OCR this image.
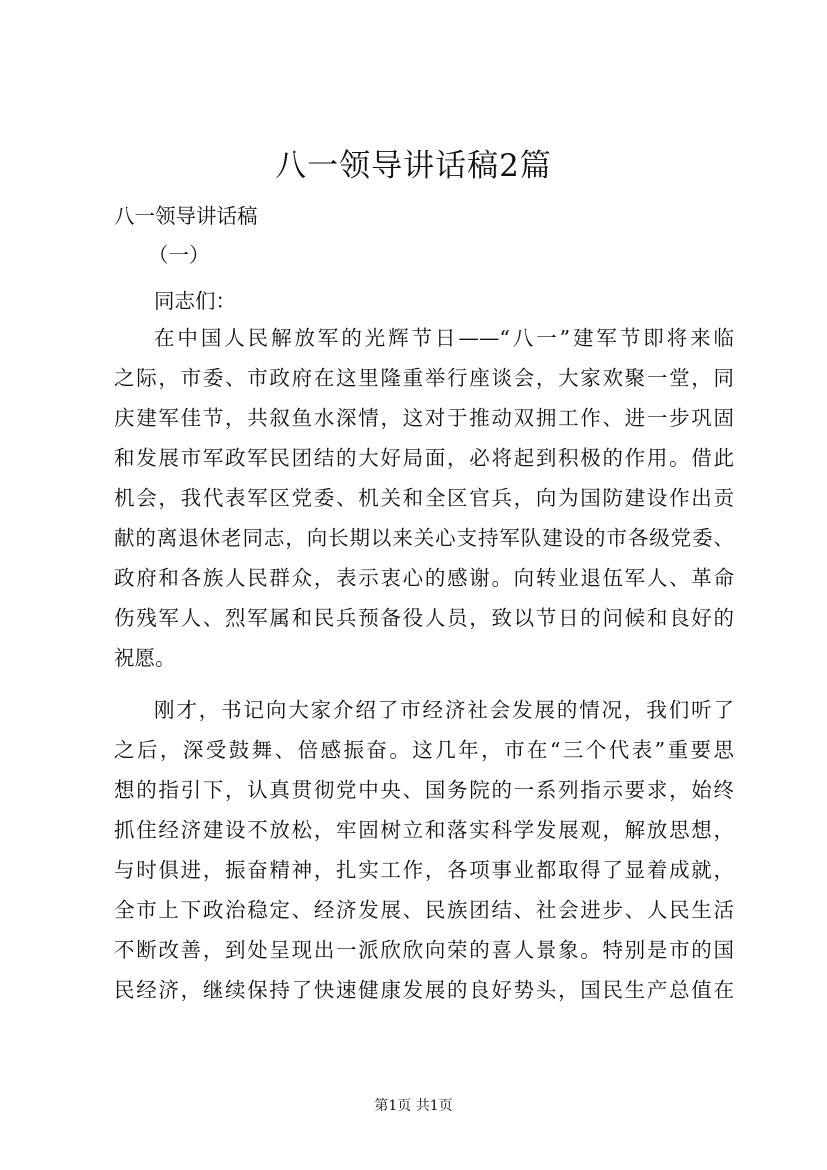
八一领导讲话稿2篇
八一领导讲话稿
（一）
同志们：
在中国人民解放军的光辉节日——“八一”建军节即将来临
之际，市委、市政府在这里隆重举行座谈会，大家欢聚一堂，同
庆建军佳节，共叙鱼水深情，这对于推动双拥工作、进一步巩固
和发展市军政军民团结的大好局面，必将起到积极的作用。借此
机会，我代表军区党委、机关和全区官兵，向为国防建设作出贡
献的离退休老同志，向长期以来关心支持军队建设的市各级党委、
政府和各族人民群众，表示衷心的感谢。向转业退伍军人、革命
伤残军人、烈军属和民兵预备役人员，致以节日的问候和良好的
祝愿。
刚才，书记向大家介绍了市经济社会发展的情况，我们听了
之后，深受鼓舞、倍感振奋。这几年，市在“三个代表”重要思
想的指引下，认真贯彻党中央、国务院的一系列指示要求，始终
抓住经济建设不放松，牢固树立和落实科学发展观，解放思想，
与时俱进，振奋精神，扎实工作，各项事业都取得了显着成就，
全市上下政治稳定、经济发展、民族团结、社会进步、人民生活
不断改善，到处呈现出一派欣欣向荣的喜人景象。特别是市的国
民经济，继续保持了快速健康发展的良好势头，国民生产总值在
第1页 共1页
